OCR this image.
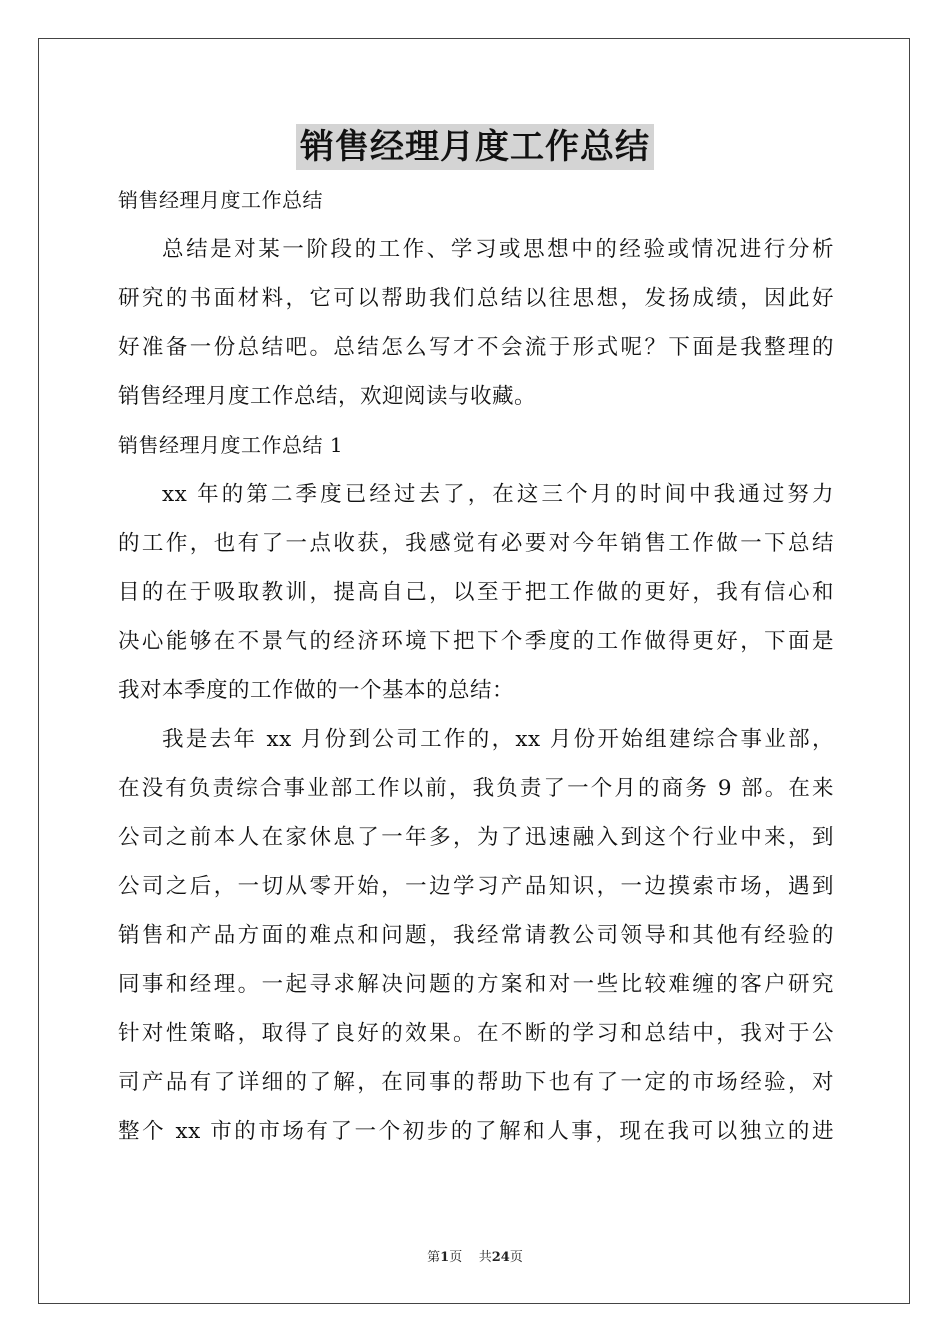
销售经理月度工作总结
销售经理月度工作总结
总结是对某一阶段的工作、学习或思想中的经验或情况进行分析
研究的书面材料，它可以帮助我们总结以往思想，发扬成绩，因此好
好准备一份总结吧。总结怎么写才不会流于形式呢？下面是我整理的
销售经理月度工作总结，欢迎阅读与收藏。
销售经理月度工作总结 1
xx 年的第二季度已经过去了，在这三个月的时间中我通过努力
的工作，也有了一点收获，我感觉有必要对今年销售工作做一下总结
目的在于吸取教训，提高自己，以至于把工作做的更好，我有信心和
决心能够在不景气的经济环境下把下个季度的工作做得更好，下面是
我对本季度的工作做的一个基本的总结：
我是去年 xx 月份到公司工作的，xx 月份开始组建综合事业部，
在没有负责综合事业部工作以前，我负责了一个月的商务 9 部。在来
公司之前本人在家休息了一年多，为了迅速融入到这个行业中来，到
公司之后，一切从零开始，一边学习产品知识，一边摸索市场，遇到
销售和产品方面的难点和问题，我经常请教公司领导和其他有经验的
同事和经理。一起寻求解决问题的方案和对一些比较难缠的客户研究
针对性策略，取得了良好的效果。在不断的学习和总结中，我对于公
司产品有了详细的了解，在同事的帮助下也有了一定的市场经验，对
整个 xx 市的市场有了一个初步的了解和人事，现在我可以独立的进
第1页 共24页
